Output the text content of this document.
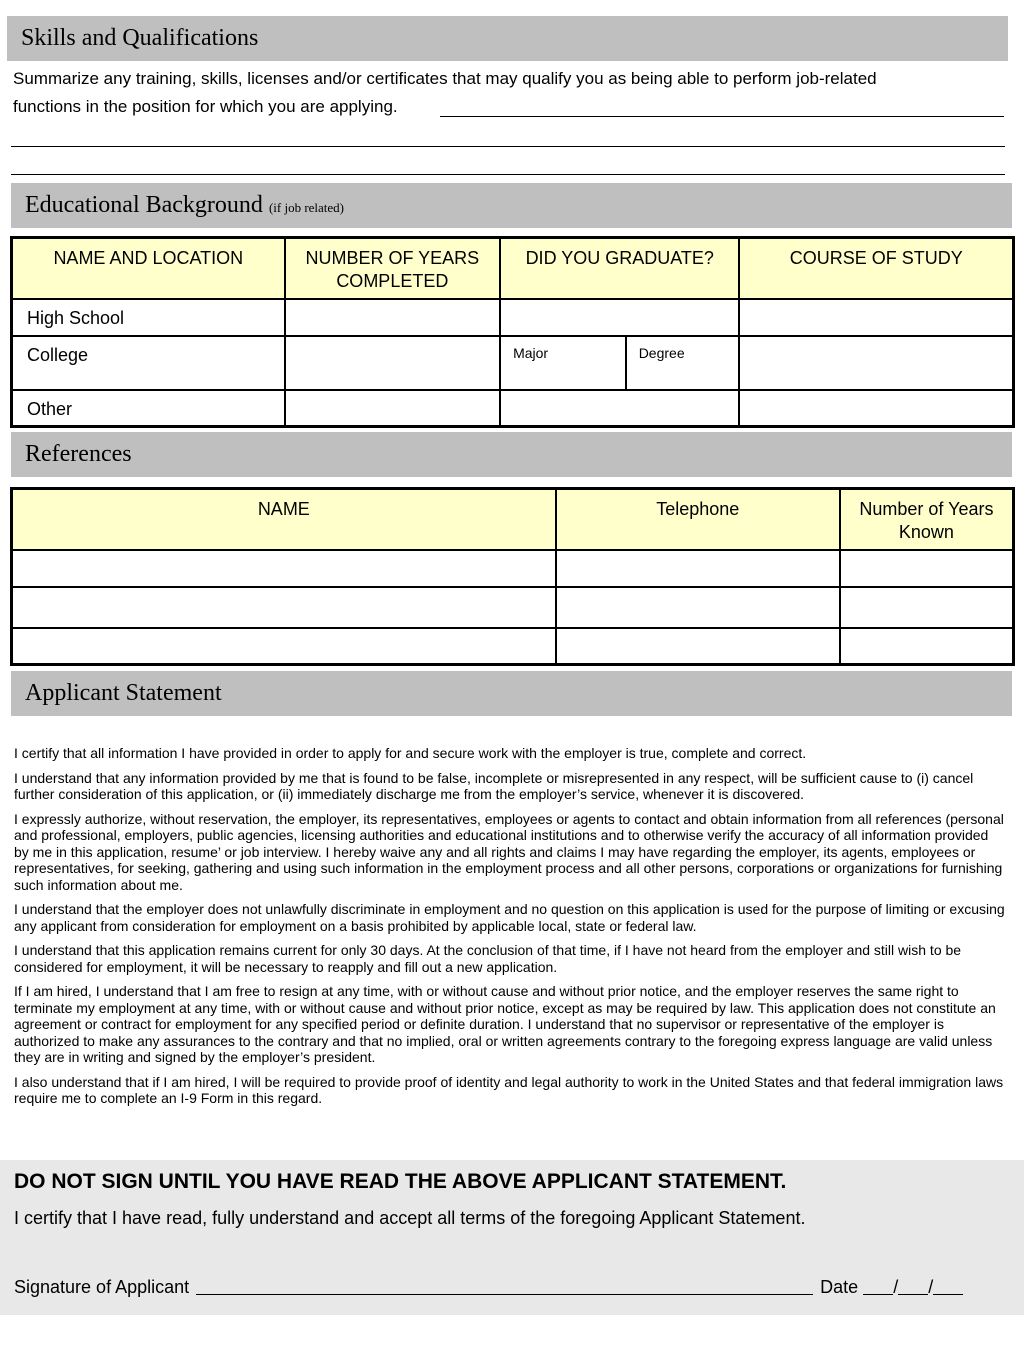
Skills and Qualifications
Summarize any training, skills, licenses and/or certificates that may qualify you as being able to perform job-related
functions in the position for which you are applying.
Educational Background (if job related)
NAME AND LOCATION	NUMBER OF YEARS COMPLETED	DID YOU GRADUATE?		COURSE OF STUDY
High School				
College		Major	Degree	
Other				
References
NAME	Telephone	Number of Years Known

Applicant Statement

I certify that all information I have provided in order to apply for and secure work with the employer is true, complete and correct.

I understand that any information provided by me that is found to be false, incomplete or misrepresented in any respect, will be sufficient cause to (i) cancel further consideration of this application, or (ii) immediately discharge me from the employer’s service, whenever it is discovered.

I expressly authorize, without reservation, the employer, its representatives, employees or agents to contact and obtain information from all references (personal and professional, employers, public agencies, licensing authorities and educational institutions and to otherwise verify the accuracy of all information provided by me in this application, resume’ or job interview. I hereby waive any and all rights and claims I may have regarding the employer, its agents, employees or representatives, for seeking, gathering and using such information in the employment process and all other persons, corporations or organizations for furnishing such information about me.

I understand that the employer does not unlawfully discriminate in employment and no question on this application is used for the purpose of limiting or excusing any applicant from consideration for employment on a basis prohibited by applicable local, state or federal law.

I understand that this application remains current for only 30 days. At the conclusion of that time, if I have not heard from the employer and still wish to be considered for employment, it will be necessary to reapply and fill out a new application.

If I am hired, I understand that I am free to resign at any time, with or without cause and without prior notice, and the employer reserves the same right to terminate my employment at any time, with or without cause and without prior notice, except as may be required by law. This application does not constitute an agreement or contract for employment for any specified period or definite duration. I understand that no supervisor or representative of the employer is authorized to make any assurances to the contrary and that no implied, oral or written agreements contrary to the foregoing express language are valid unless they are in writing and signed by the employer’s president.

I also understand that if I am hired, I will be required to provide proof of identity and legal authority to work in the United States and that federal immigration laws require me to complete an I-9 Form in this regard.

DO NOT SIGN UNTIL YOU HAVE READ THE ABOVE APPLICANT STATEMENT.
I certify that I have read, fully understand and accept all terms of the foregoing Applicant Statement.
Signature of Applicant	Date / /
